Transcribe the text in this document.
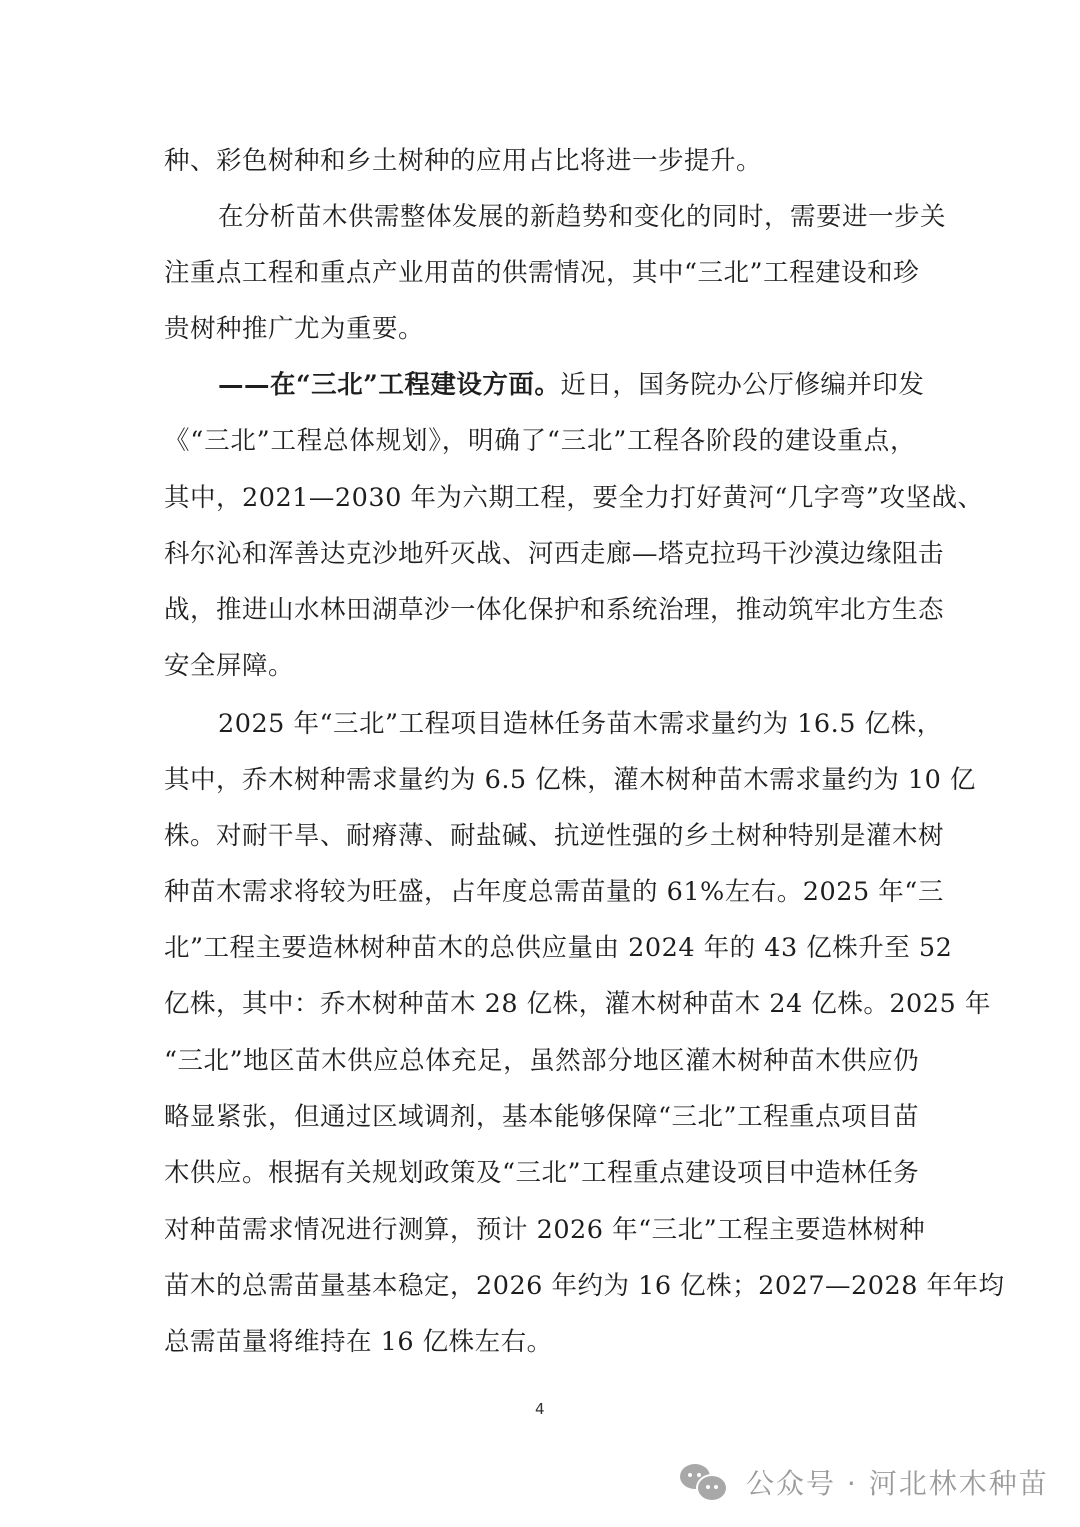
种、彩色树种和乡土树种的应用占比将进一步提升。
在分析苗木供需整体发展的新趋势和变化的同时，需要进一步关
注重点工程和重点产业用苗的供需情况，其中“三北”工程建设和珍
贵树种推广尤为重要。
——在“三北”工程建设方面。近日，国务院办公厅修编并印发
《“三北”工程总体规划》，明确了“三北”工程各阶段的建设重点，
其中，2021—2030 年为六期工程，要全力打好黄河“几字弯”攻坚战、
科尔沁和浑善达克沙地歼灭战、河西走廊—塔克拉玛干沙漠边缘阻击
战，推进山水林田湖草沙一体化保护和系统治理，推动筑牢北方生态
安全屏障。
2025 年“三北”工程项目造林任务苗木需求量约为 16.5 亿株，
其中，乔木树种需求量约为 6.5 亿株，灌木树种苗木需求量约为 10 亿
株。对耐干旱、耐瘠薄、耐盐碱、抗逆性强的乡土树种特别是灌木树
种苗木需求将较为旺盛，占年度总需苗量的 61%左右。2025 年“三
北”工程主要造林树种苗木的总供应量由 2024 年的 43 亿株升至 52
亿株，其中：乔木树种苗木 28 亿株，灌木树种苗木 24 亿株。2025 年
“三北”地区苗木供应总体充足，虽然部分地区灌木树种苗木供应仍
略显紧张，但通过区域调剂，基本能够保障“三北”工程重点项目苗
木供应。根据有关规划政策及“三北”工程重点建设项目中造林任务
对种苗需求情况进行测算，预计 2026 年“三北”工程主要造林树种
苗木的总需苗量基本稳定，2026 年约为 16 亿株；2027—2028 年年均
总需苗量将维持在 16 亿株左右。
4
公众号 · 河北林木种苗
